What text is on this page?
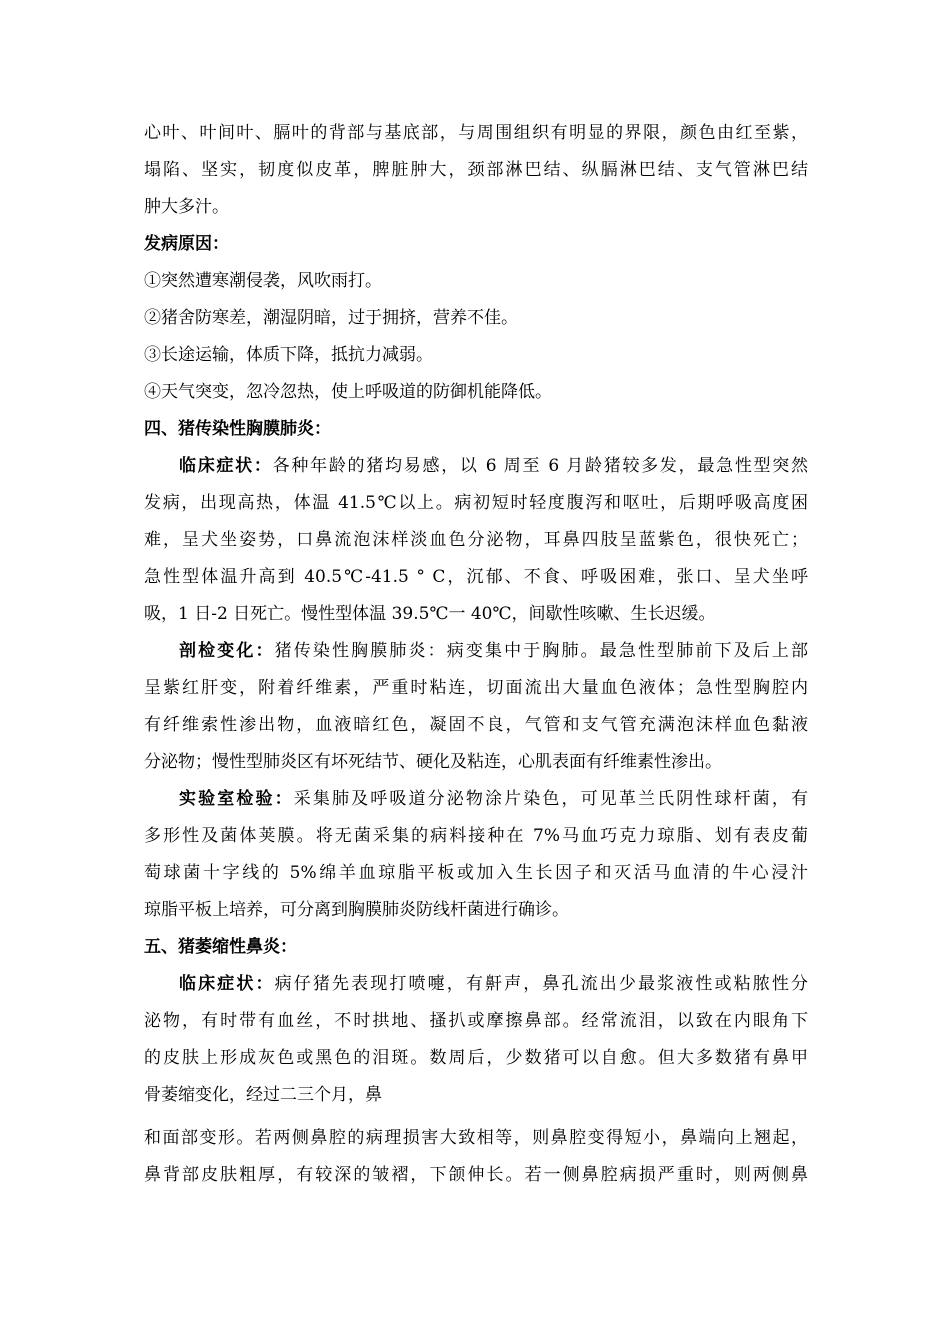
心叶、叶间叶、膈叶的背部与基底部，与周围组织有明显的界限，颜色由红至紫，
塌陷、坚实，韧度似皮革，脾脏肿大，颈部淋巴结、纵膈淋巴结、支气管淋巴结
肿大多汁。
发病原因：
①突然遭寒潮侵袭，风吹雨打。
②猪舍防寒差，潮湿阴暗，过于拥挤，营养不佳。
③长途运输，体质下降，抵抗力减弱。
④天气突变，忽冷忽热，使上呼吸道的防御机能降低。
四、猪传染性胸膜肺炎：
临床症状：各种年龄的猪均易感，以 6 周至 6 月龄猪较多发，最急性型突然
发病，出现高热，体温 41.5℃以上。病初短时轻度腹泻和呕吐，后期呼吸高度困
难，呈犬坐姿势，口鼻流泡沫样淡血色分泌物，耳鼻四肢呈蓝紫色，很快死亡；
急性型体温升高到 40.5℃-41.5 ° C，沉郁、不食、呼吸困难，张口、呈犬坐呼
吸，1 日-2 日死亡。慢性型体温 39.5℃一 40℃，间歇性咳嗽、生长迟缓。
剖检变化：猪传染性胸膜肺炎：病变集中于胸肺。最急性型肺前下及后上部
呈紫红肝变，附着纤维素，严重时粘连，切面流出大量血色液体；急性型胸腔内
有纤维索性渗出物，血液暗红色，凝固不良，气管和支气管充满泡沫样血色黏液
分泌物；慢性型肺炎区有坏死结节、硬化及粘连，心肌表面有纤维素性渗出。
实验室检验：采集肺及呼吸道分泌物涂片染色，可见革兰氏阴性球杆菌，有
多形性及菌体荚膜。将无菌采集的病料接种在 7%马血巧克力琼脂、划有表皮葡
萄球菌十字线的 5%绵羊血琼脂平板或加入生长因子和灭活马血清的牛心浸汁
琼脂平板上培养，可分离到胸膜肺炎防线杆菌进行确诊。
五、猪萎缩性鼻炎：
临床症状：病仔猪先表现打喷嚏，有鼾声，鼻孔流出少最浆液性或粘脓性分
泌物，有时带有血丝，不时拱地、搔扒或摩擦鼻部。经常流泪，以致在内眼角下
的皮肤上形成灰色或黑色的泪斑。数周后，少数猪可以自愈。但大多数猪有鼻甲
骨萎缩变化，经过二三个月，鼻
和面部变形。若两侧鼻腔的病理损害大致相等，则鼻腔变得短小，鼻端向上翘起，
鼻背部皮肤粗厚，有较深的皱褶，下颌伸长。若一侧鼻腔病损严重时，则两侧鼻
